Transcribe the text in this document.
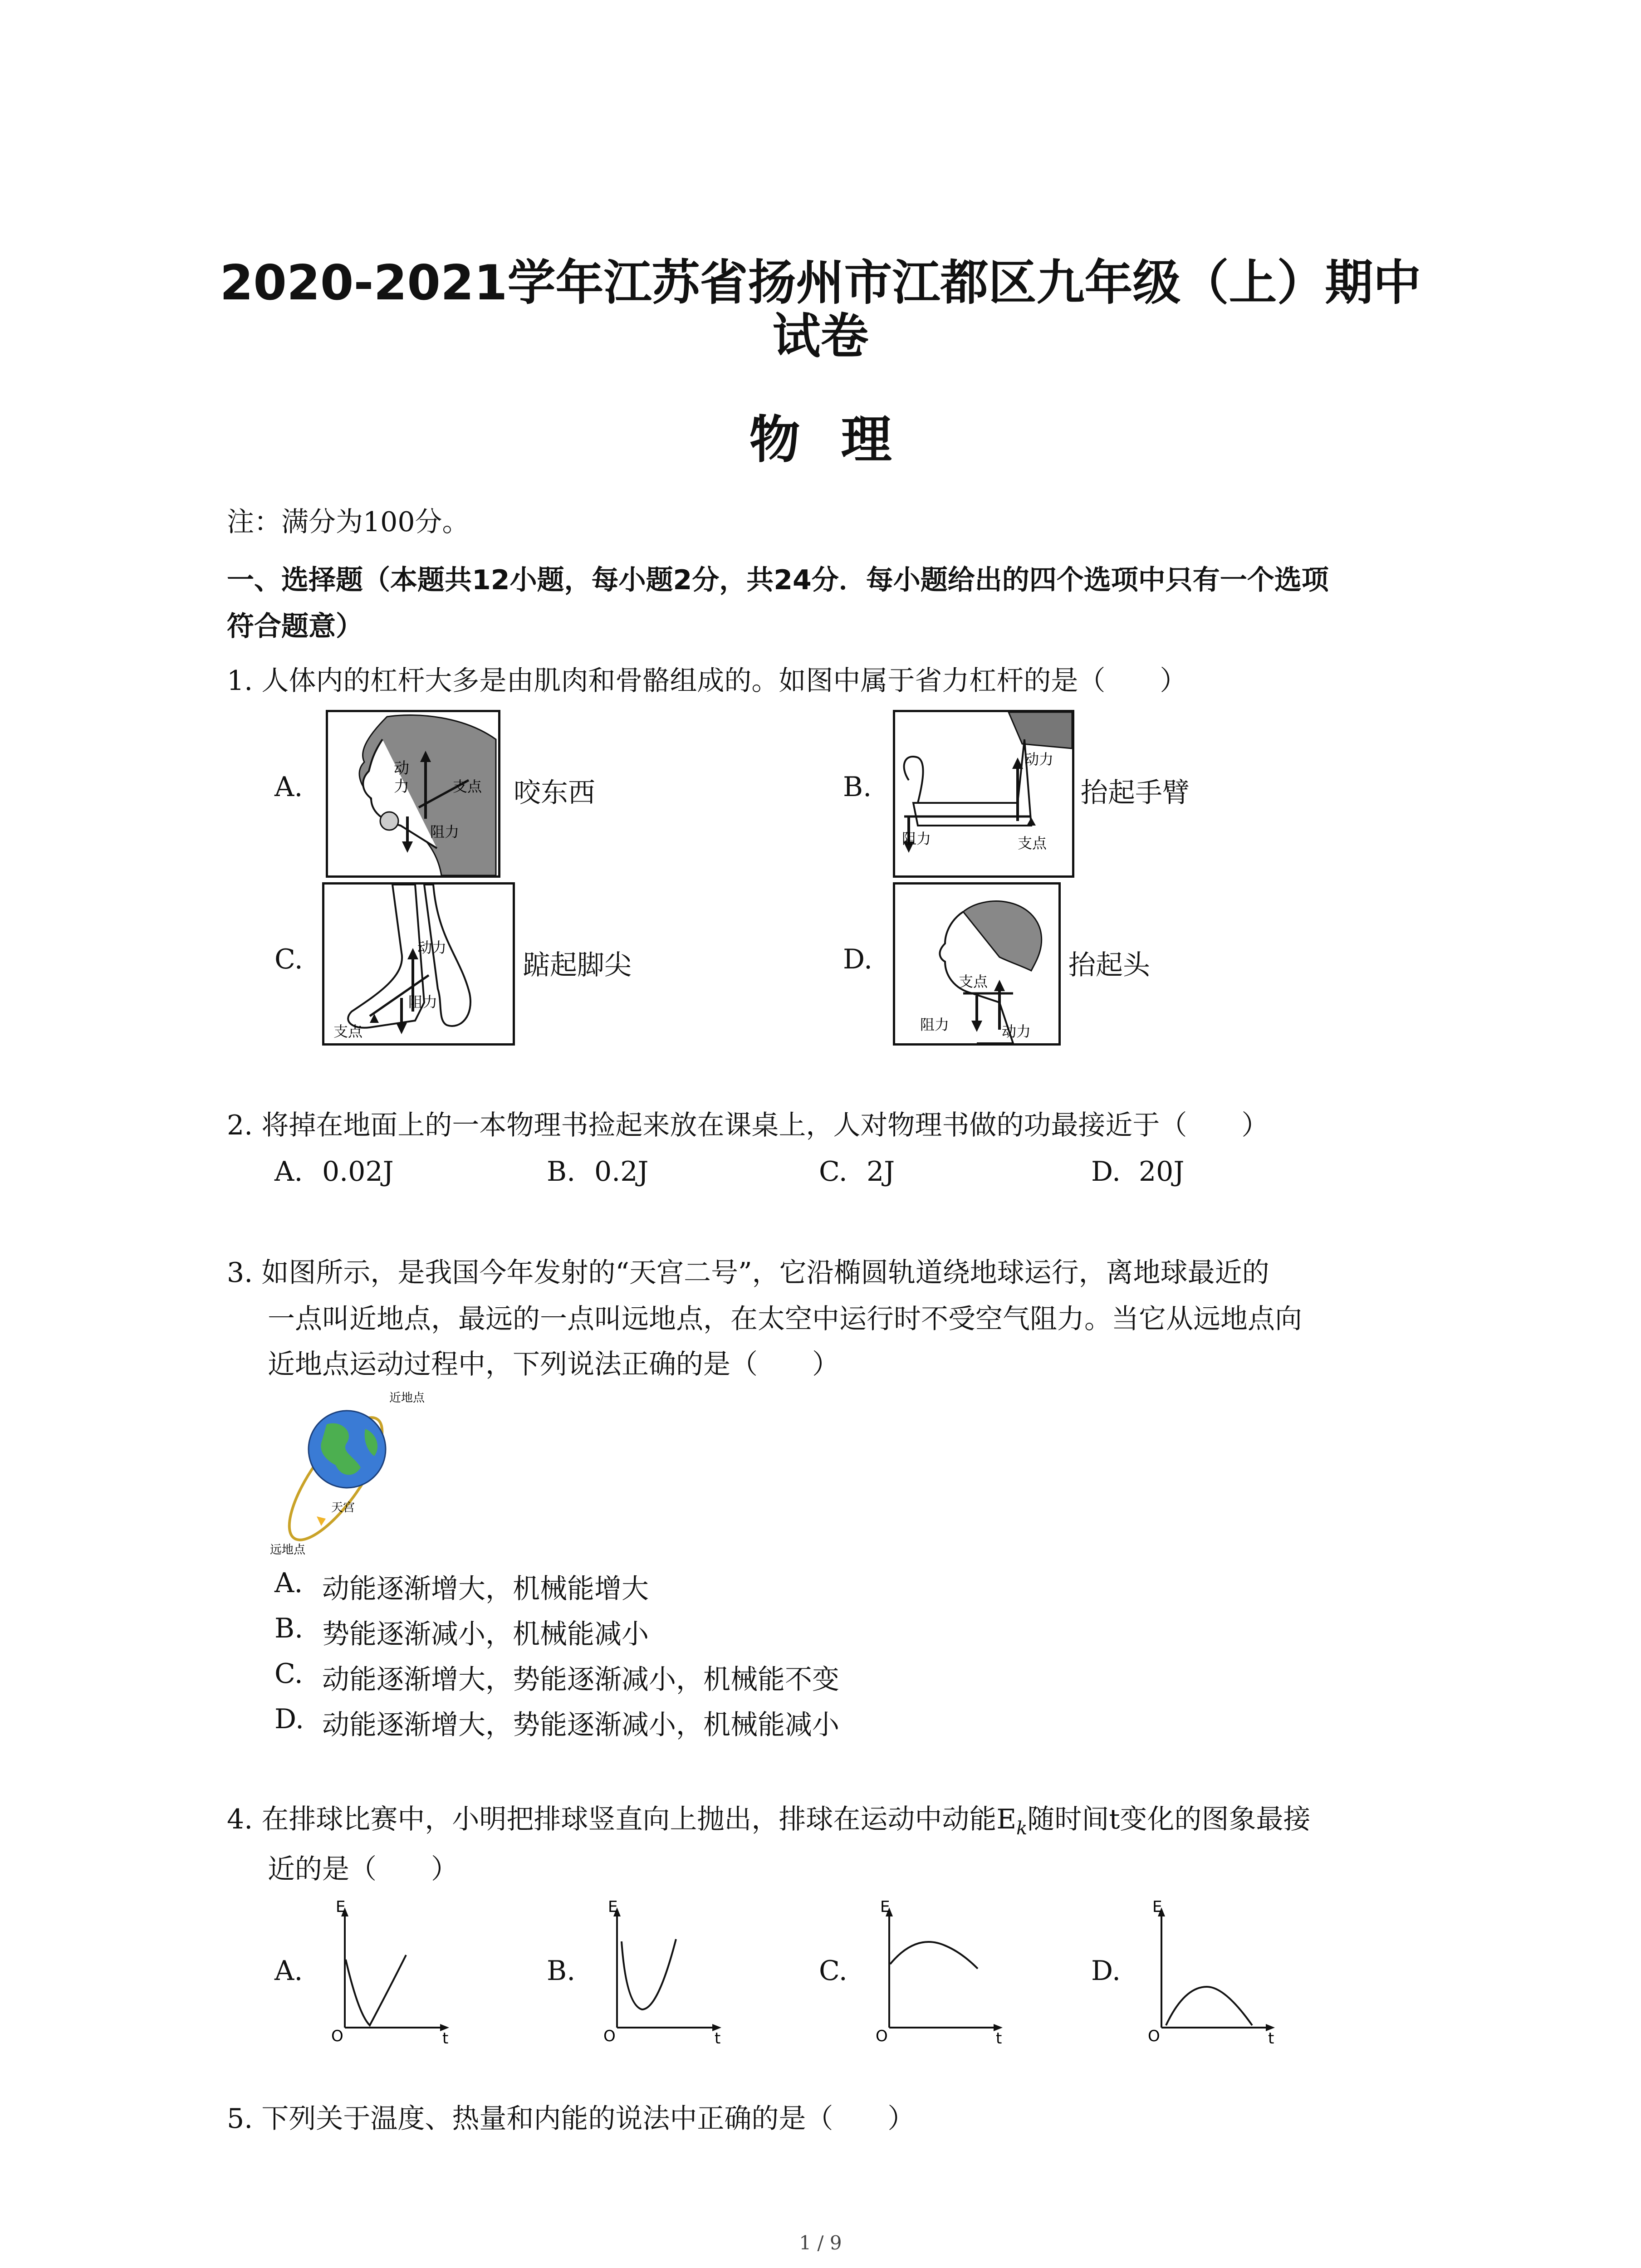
2020-2021学年江苏省扬州市江都区九年级（上）期中
试卷
物理
注：满分为100分。
一、选择题（本题共12小题，每小题2分，共24分．每小题给出的四个选项中只有一个选项
符合题意）
1. 人体内的杠杆大多是由肌肉和骨骼组成的。如图中属于省力杠杆的是（　　）
A.
动
力	支点
阻力
咬东西	B.
动力
阻力	支点
抬起手臂
C.	动力
阻力
支点
踮起脚尖	D.
支点
阻力	动力
抬起头
2. 将掉在地面上的一本物理书捡起来放在课桌上，人对物理书做的功最接近于（　　）
A. 0.02J	B. 0.2J	C. 2J	D. 20J
3. 如图所示，是我国今年发射的“天宫二号”，它沿椭圆轨道绕地球运行，离地球最近的
一点叫近地点，最远的一点叫远地点，在太空中运行时不受空气阻力。当它从远地点向
近地点运动过程中，下列说法正确的是（　　）
近地点
天宫
远地点
A. 动能逐渐增大，机械能增大
B. 势能逐渐减小，机械能减小
C. 动能逐渐增大，势能逐渐减小，机械能不变
D. 动能逐渐增大，势能逐渐减小，机械能减小
4. 在排球比赛中，小明把排球竖直向上抛出，排球在运动中动能$E_k$随时间t变化的图象最接
近的是（　　）
A.
E
O	t
B.
E
O	t
C.
E
O	t
D.
E
O	t
5. 下列关于温度、热量和内能的说法中正确的是（　　）
1 / 9
